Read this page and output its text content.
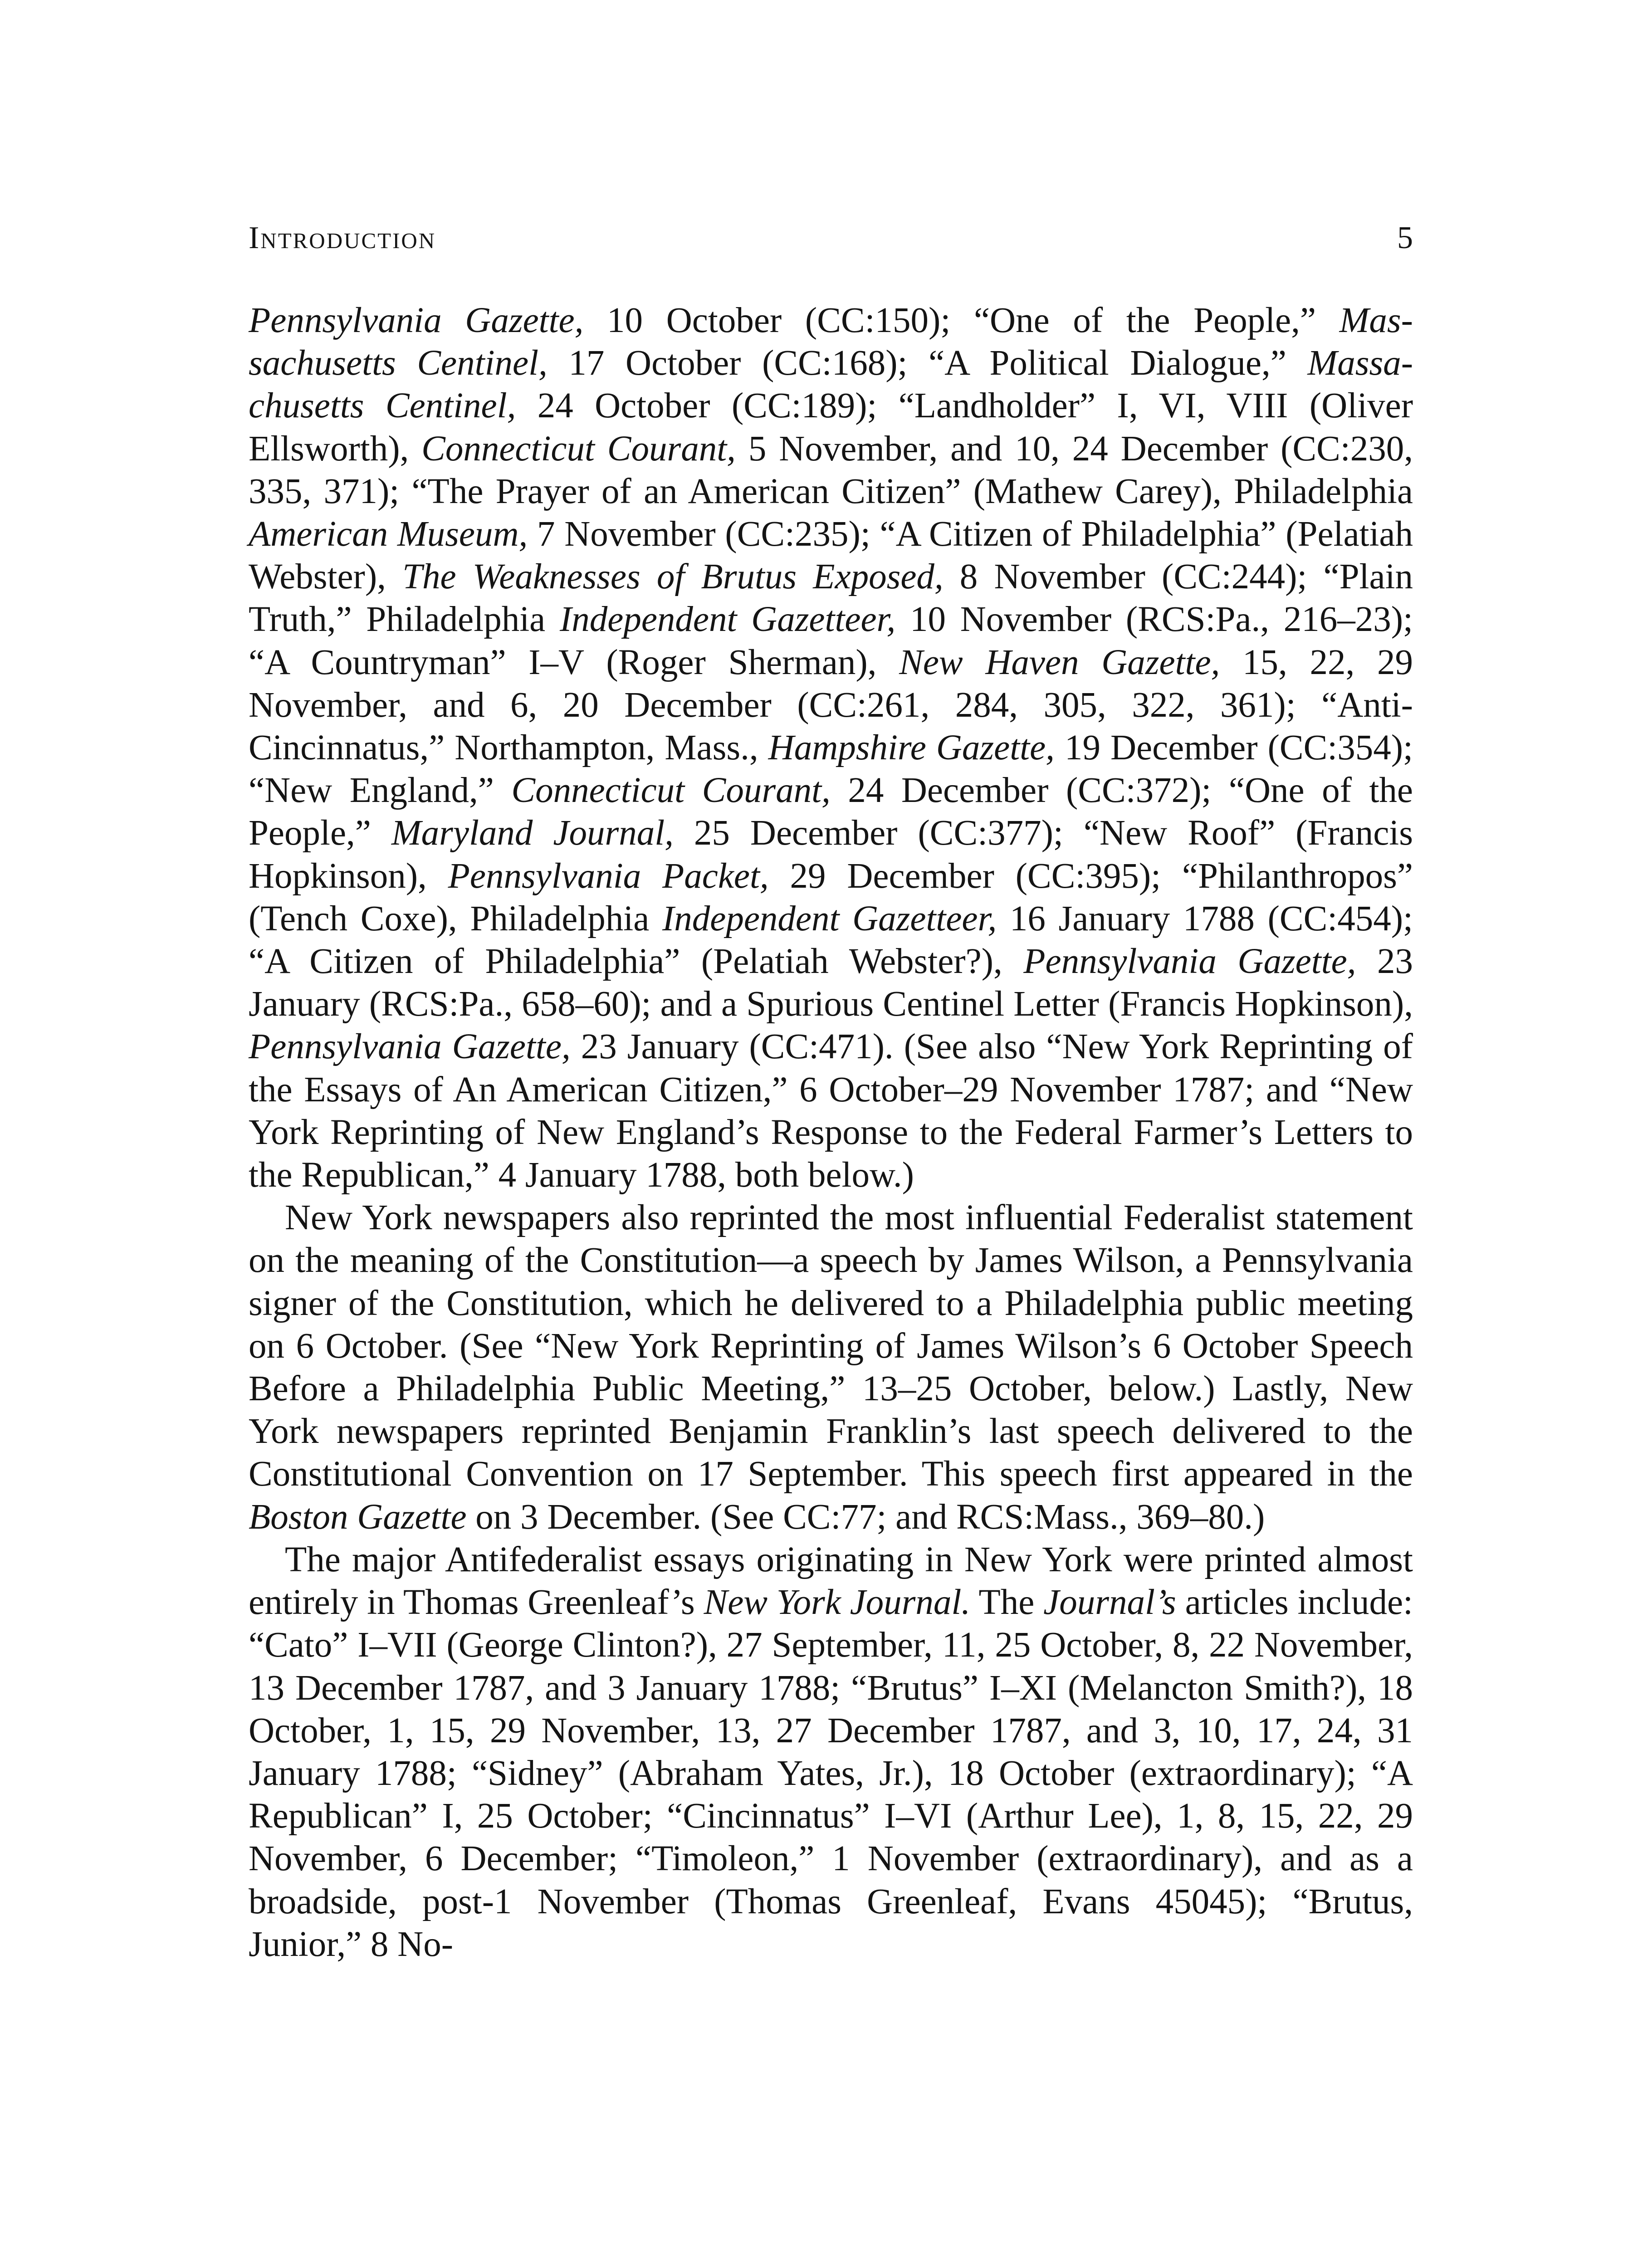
Introduction	5

Pennsylvania Gazette, 10 October (CC:150); “One of the People,” Massachusetts Centinel, 17 October (CC:168); “A Political Dialogue,” Massachusetts Centinel, 24 October (CC:189); “Landholder” I, VI, VIII (Oliver Ellsworth), Connecticut Courant, 5 November, and 10, 24 December (CC:230, 335, 371); “The Prayer of an American Citizen” (Mathew Carey), Philadelphia American Museum, 7 November (CC:235); “A Citizen of Philadelphia” (Pelatiah Webster), The Weaknesses of Brutus Exposed, 8 November (CC:244); “Plain Truth,” Philadelphia Independent Gazetteer, 10 November (RCS:Pa., 216–23); “A Countryman” I–V (Roger Sherman), New Haven Gazette, 15, 22, 29 November, and 6, 20 December (CC:261, 284, 305, 322, 361); “Anti-Cincinnatus,” Northampton, Mass., Hampshire Gazette, 19 December (CC:354); “New England,” Connecticut Courant, 24 December (CC:372); “One of the People,” Maryland Journal, 25 December (CC:377); “New Roof” (Francis Hopkinson), Pennsylvania Packet, 29 December (CC:395); “Philanthropos” (Tench Coxe), Philadelphia Independent Gazetteer, 16 January 1788 (CC:454); “A Citizen of Philadelphia” (Pelatiah Webster?), Pennsylvania Gazette, 23 January (RCS:Pa., 658–60); and a Spurious Centinel Letter (Francis Hopkinson), Pennsylvania Gazette, 23 January (CC:471). (See also “New York Reprinting of the Essays of An American Citizen,” 6 October–29 November 1787; and “New York Reprinting of New England’s Response to the Federal Farmer’s Letters to the Republican,” 4 January 1788, both below.)

New York newspapers also reprinted the most influential Federalist statement on the meaning of the Constitution—a speech by James Wilson, a Pennsylvania signer of the Constitution, which he delivered to a Philadelphia public meeting on 6 October. (See “New York Reprinting of James Wilson’s 6 October Speech Before a Philadelphia Public Meeting,” 13–25 October, below.) Lastly, New York newspapers reprinted Benjamin Franklin’s last speech delivered to the Constitutional Convention on 17 September. This speech first appeared in the Boston Gazette on 3 December. (See CC:77; and RCS:Mass., 369–80.)

The major Antifederalist essays originating in New York were printed almost entirely in Thomas Greenleaf’s New York Journal. The Journal’s articles include: “Cato” I–VII (George Clinton?), 27 September, 11, 25 October, 8, 22 November, 13 December 1787, and 3 January 1788; “Brutus” I–XI (Melancton Smith?), 18 October, 1, 15, 29 November, 13, 27 December 1787, and 3, 10, 17, 24, 31 January 1788; “Sidney” (Abraham Yates, Jr.), 18 October (extraordinary); “A Republican” I, 25 October; “Cincinnatus” I–VI (Arthur Lee), 1, 8, 15, 22, 29 November, 6 December; “Timoleon,” 1 November (extraordinary), and as a broadside, post-1 November (Thomas Greenleaf, Evans 45045); “Brutus, Junior,” 8 No-
